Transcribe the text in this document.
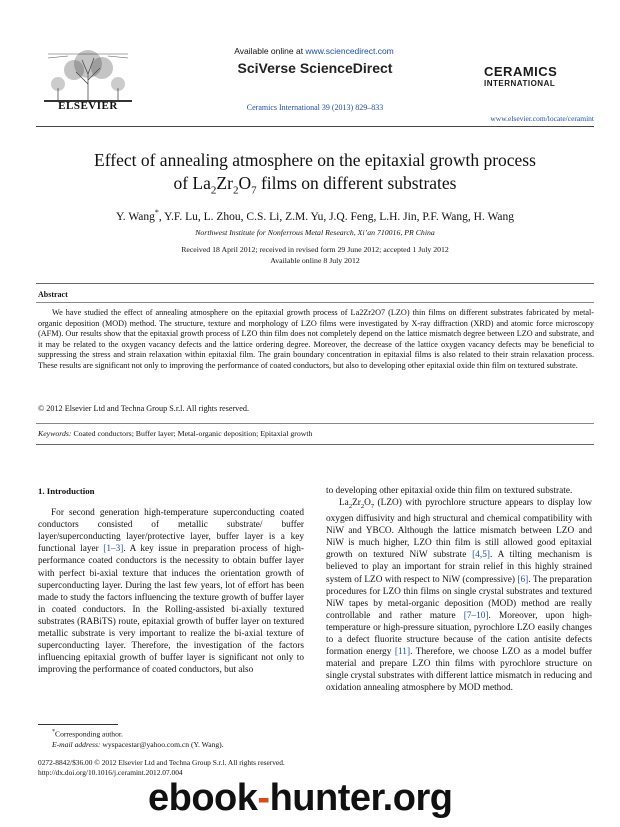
ELSEVIER
Available online at www.sciencedirect.com
SciVerse ScienceDirect
Ceramics International 39 (2013) 829–833
CERAMICS
INTERNATIONAL
www.elsevier.com/locate/ceramint
Effect of annealing atmosphere on the epitaxial growth process
of $La_2Zr_2O_7$ films on different substrates
Y. Wang*, Y.F. Lu, L. Zhou, C.S. Li, Z.M. Yu, J.Q. Feng, L.H. Jin, P.F. Wang, H. Wang
Northwest Institute for Nonferrous Metal Research, Xi’an 710016, PR China
Received 18 April 2012; received in revised form 29 June 2012; accepted 1 July 2012
Available online 8 July 2012
Abstract
We have studied the effect of annealing atmosphere on the epitaxial growth process of La2Zr2O7 (LZO) thin films on different substrates fabricated by metal-organic deposition (MOD) method. The structure, texture and morphology of LZO films were investigated by X-ray diffraction (XRD) and atomic force microscopy (AFM). Our results show that the epitaxial growth process of LZO thin film does not completely depend on the lattice mismatch degree between LZO and substrate, and it may be related to the oxygen vacancy defects and the lattice ordering degree. Moreover, the decrease of the lattice oxygen vacancy defects may be beneficial to suppressing the stress and strain relaxation within epitaxial film. The grain boundary concentration in epitaxial films is also related to their strain relaxation process. These results are significant not only to improving the performance of coated conductors, but also to developing other epitaxial oxide thin film on textured substrate.
© 2012 Elsevier Ltd and Techna Group S.r.l. All rights reserved.
Keywords: Coated conductors; Buffer layer; Metal-organic deposition; Epitaxial growth

1. Introduction

For second generation high-temperature superconducting coated conductors consisted of metallic substrate/ buffer layer/superconducting layer/protective layer, buffer layer is a key functional layer [1–3]. A key issue in preparation process of high-performance coated conductors is the necessity to obtain buffer layer with perfect bi-axial texture that induces the orientation growth of superconducting layer. During the last few years, lot of effort has been made to study the factors influencing the texture growth of buffer layer in coated conductors. In the Rolling-assisted bi-axially textured substrates (RABiTS) route, epitaxial growth of buffer layer on textured metallic substrate is very important to realize the bi-axial texture of superconducting layer. Therefore, the investigation of the factors influencing epitaxial growth of buffer layer is significant not only to improving the performance of coated conductors, but also

to developing other epitaxial oxide thin film on textured substrate.

$La_2Zr_2O_7$ (LZO) with pyrochlore structure appears to display low oxygen diffusivity and high structural and chemical compatibility with NiW and YBCO. Although the lattice mismatch between LZO and NiW is much higher, LZO thin film is still allowed good epitaxial growth on textured NiW substrate [4,5]. A tilting mechanism is believed to play an important for strain relief in this highly strained system of LZO with respect to NiW (compressive) [6]. The preparation procedures for LZO thin films on single crystal substrates and textured NiW tapes by metal-organic deposition (MOD) method are really controllable and rather mature [7–10]. Moreover, upon high-temperature or high-pressure situation, pyrochlore LZO easily changes to a defect fluorite structure because of the cation antisite defects formation energy [11]. Therefore, we choose LZO as a model buffer material and prepare LZO thin films with pyrochlore structure on single crystal substrates with different lattice mismatch in reducing and oxidation annealing atmosphere by MOD method.

*Corresponding author.
E-mail address: wyspacestar@yahoo.com.cn (Y. Wang).
0272-8842/$36.00 © 2012 Elsevier Ltd and Techna Group S.r.l. All rights reserved.
http://dx.doi.org/10.1016/j.ceramint.2012.07.004
ebook-hunter.org
